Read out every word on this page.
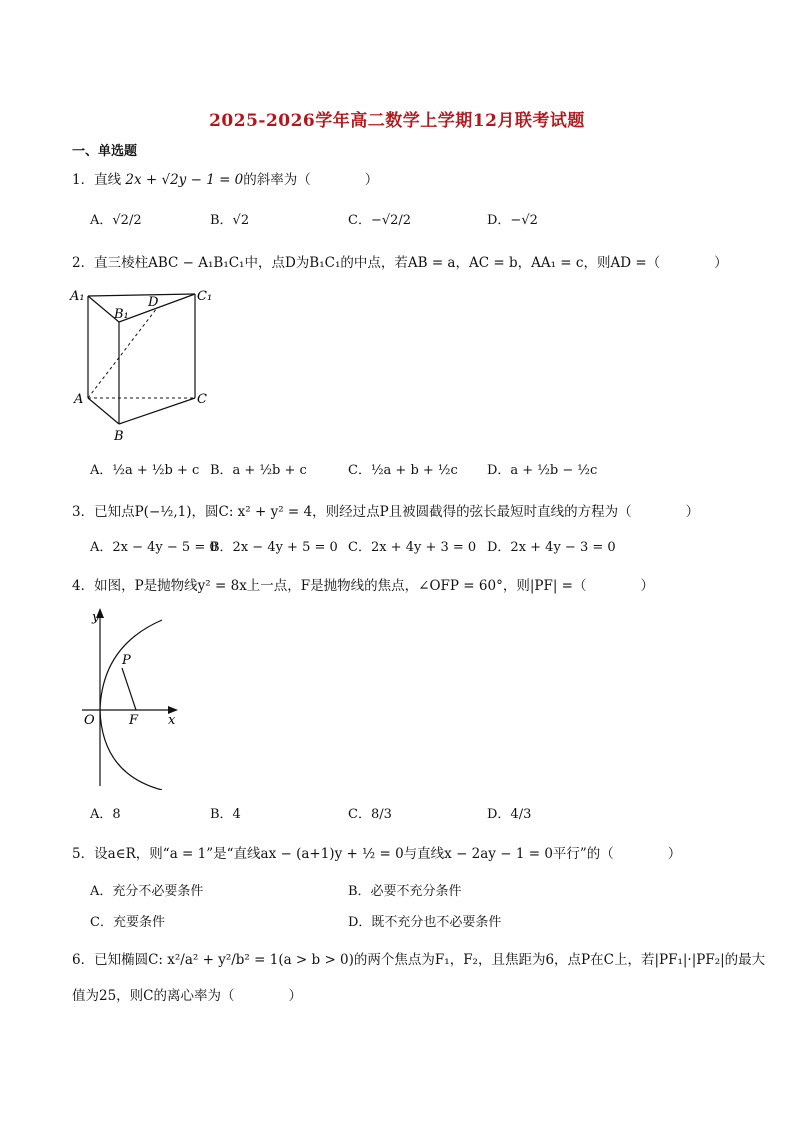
2025-2026学年高二数学上学期12月联考试题
一、单选题
1．直线 2x + √2y − 1 = 0的斜率为（　　　　）
A．√2/2	B．√2	C．−√2/2	D．−√2
2．直三棱柱ABC − A₁B₁C₁中，点D为B₁C₁的中点，若AB = a，AC = b，AA₁ = c，则AD =（　　　　）
A₁
B₁
D	C₁
A	C
B
A．½a + ½b + c B．a + ½b + c	C．½a + b + ½c D．a + ½b − ½c
3．已知点P(−½,1)，圆C: x² + y² = 4，则经过点P且被圆截得的弦长最短时直线的方程为（　　　　）
A．2x − 4y − 5 = 0
B．2x − 4y + 5 = 0 C．2x + 4y + 3 = 0 D．2x + 4y − 3 = 0
4．如图，P是抛物线y² = 8x上一点，F是抛物线的焦点，∠OFP = 60°，则|PF| =（　　　　）
y
P
O	F x
A．8	B．4	C．8/3	D．4/3
5．设a∈R，则“a = 1”是“直线ax − (a+1)y + ½ = 0与直线x − 2ay − 1 = 0平行”的（　　　　）
A．充分不必要条件	B．必要不充分条件
C．充要条件	D．既不充分也不必要条件
6．已知椭圆C: x²/a² + y²/b² = 1(a > b > 0)的两个焦点为F₁，F₂，且焦距为6，点P在C上，若|PF₁|·|PF₂|的最大
值为25，则C的离心率为（　　　　）
